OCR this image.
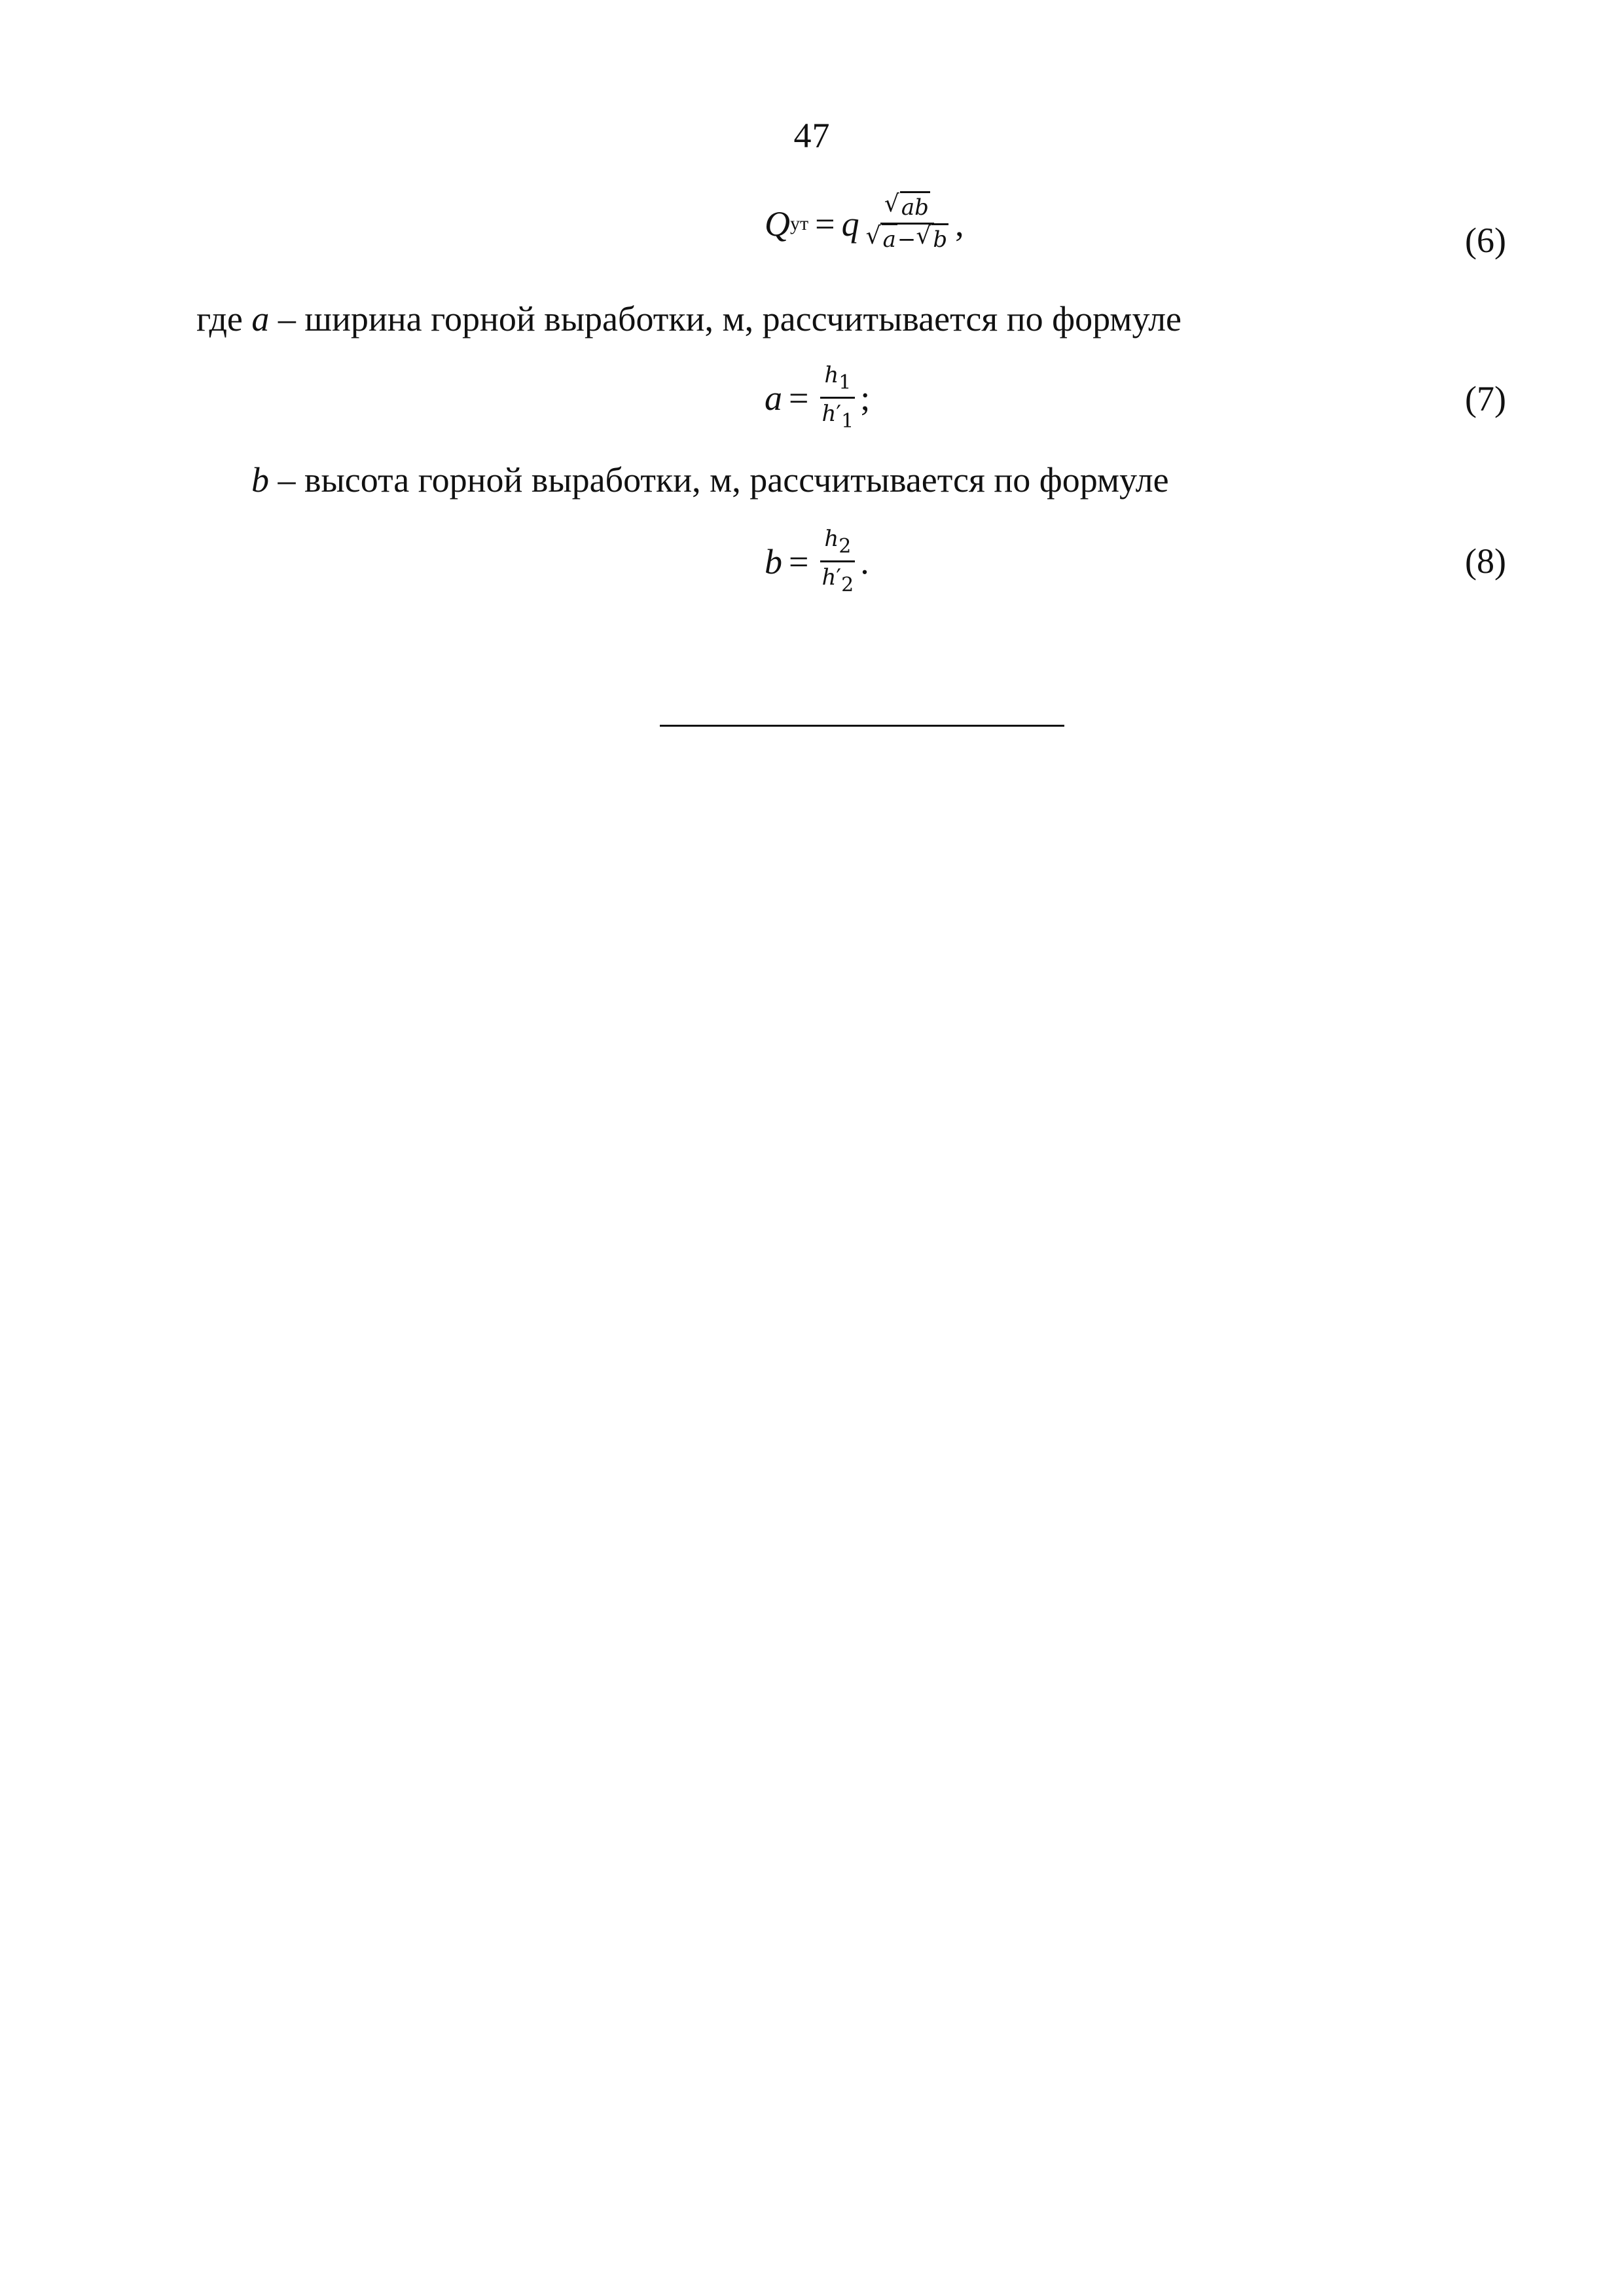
47
Q ут = q √ ab
√ a− √ b ,	(6)
где a – ширина горной выработки, м, рассчитывается по формуле
$a = \frac{h1}{h'1}$ ;	(7)
b – высота горной выработки, м, рассчитывается по формуле
$b = \frac{h2}{h'2}$ .	(8)
